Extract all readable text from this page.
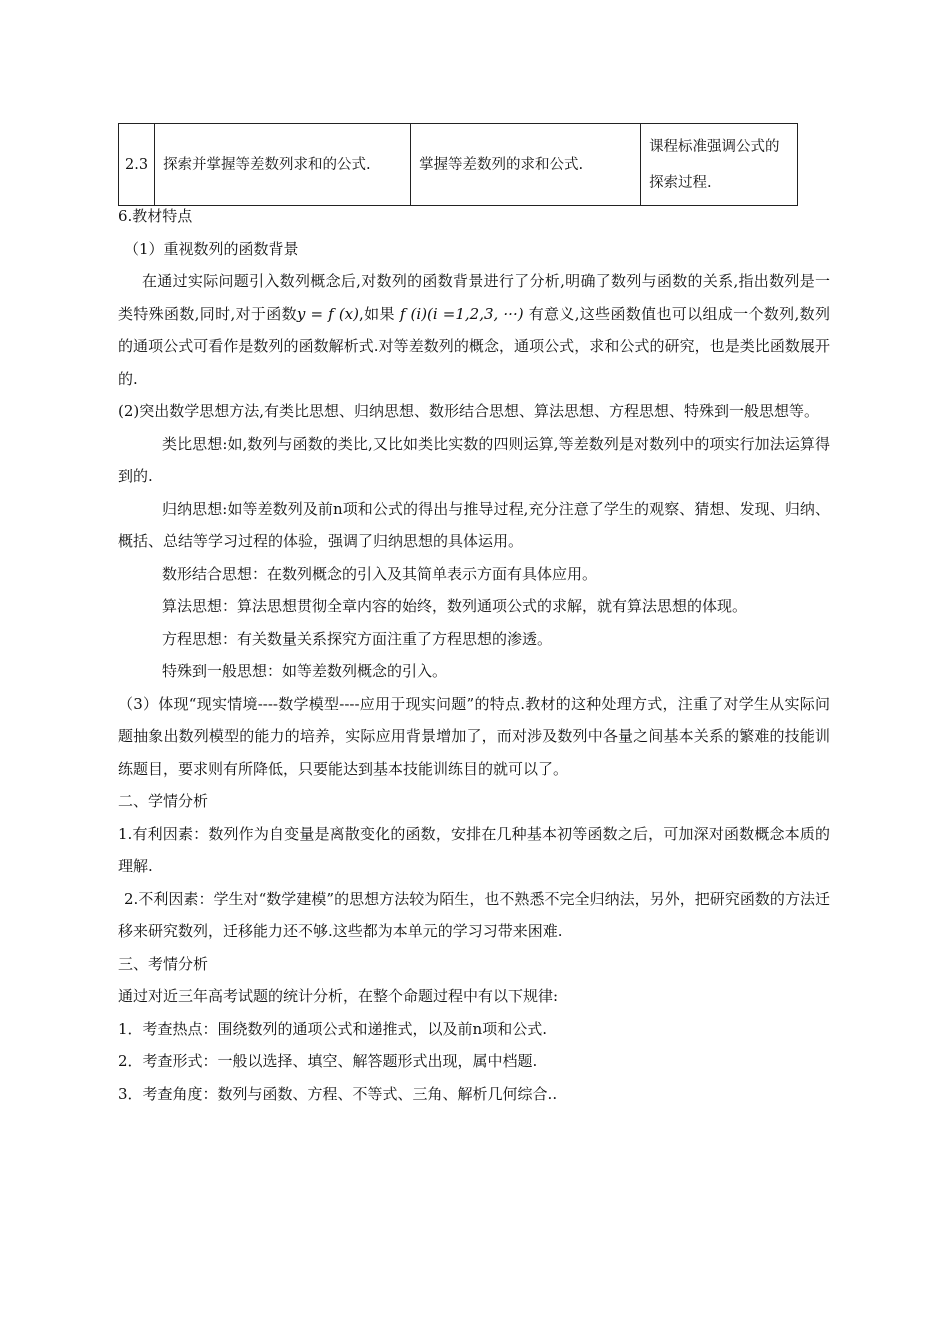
2.3	探索并掌握等差数列求和的公式.	掌握等差数列的求和公式.	课程标准强调公式的探索过程.

6.教材特点

（1）重视数列的函数背景

在通过实际问题引入数列概念后,对数列的函数背景进行了分析,明确了数列与函数的关系,指出数列是一类特殊函数,同时,对于函数y = f (x),如果 f (i)(i =1,2,3, ···) 有意义,这些函数值也可以组成一个数列,数列的通项公式可看作是数列的函数解析式.对等差数列的概念，通项公式，求和公式的研究，也是类比函数展开的.

(2)突出数学思想方法,有类比思想、归纳思想、数形结合思想、算法思想、方程思想、特殊到一般思想等。

类比思想:如,数列与函数的类比,又比如类比实数的四则运算,等差数列是对数列中的项实行加法运算得到的.

归纳思想:如等差数列及前n项和公式的得出与推导过程,充分注意了学生的观察、猜想、发现、归纳、概括、总结等学习过程的体验，强调了归纳思想的具体运用。

数形结合思想：在数列概念的引入及其简单表示方面有具体应用。

算法思想：算法思想贯彻全章内容的始终，数列通项公式的求解，就有算法思想的体现。

方程思想：有关数量关系探究方面注重了方程思想的渗透。

特殊到一般思想：如等差数列概念的引入。

（3）体现“现实情境----数学模型----应用于现实问题”的特点.教材的这种处理方式，注重了对学生从实际问题抽象出数列模型的能力的培养，实际应用背景增加了，而对涉及数列中各量之间基本关系的繁难的技能训练题目，要求则有所降低，只要能达到基本技能训练目的就可以了。

二、学情分析

1.有利因素：数列作为自变量是离散变化的函数，安排在几种基本初等函数之后，可加深对函数概念本质的理解.

2.不利因素：学生对“数学建模”的思想方法较为陌生，也不熟悉不完全归纳法，另外，把研究函数的方法迁移来研究数列，迁移能力还不够.这些都为本单元的学习习带来困难.

三、考情分析

通过对近三年高考试题的统计分析，在整个命题过程中有以下规律:

1．考查热点：围绕数列的通项公式和递推式，以及前n项和公式.

2．考查形式：一般以选择、填空、解答题形式出现，属中档题.

3．考查角度：数列与函数、方程、不等式、三角、解析几何综合..
